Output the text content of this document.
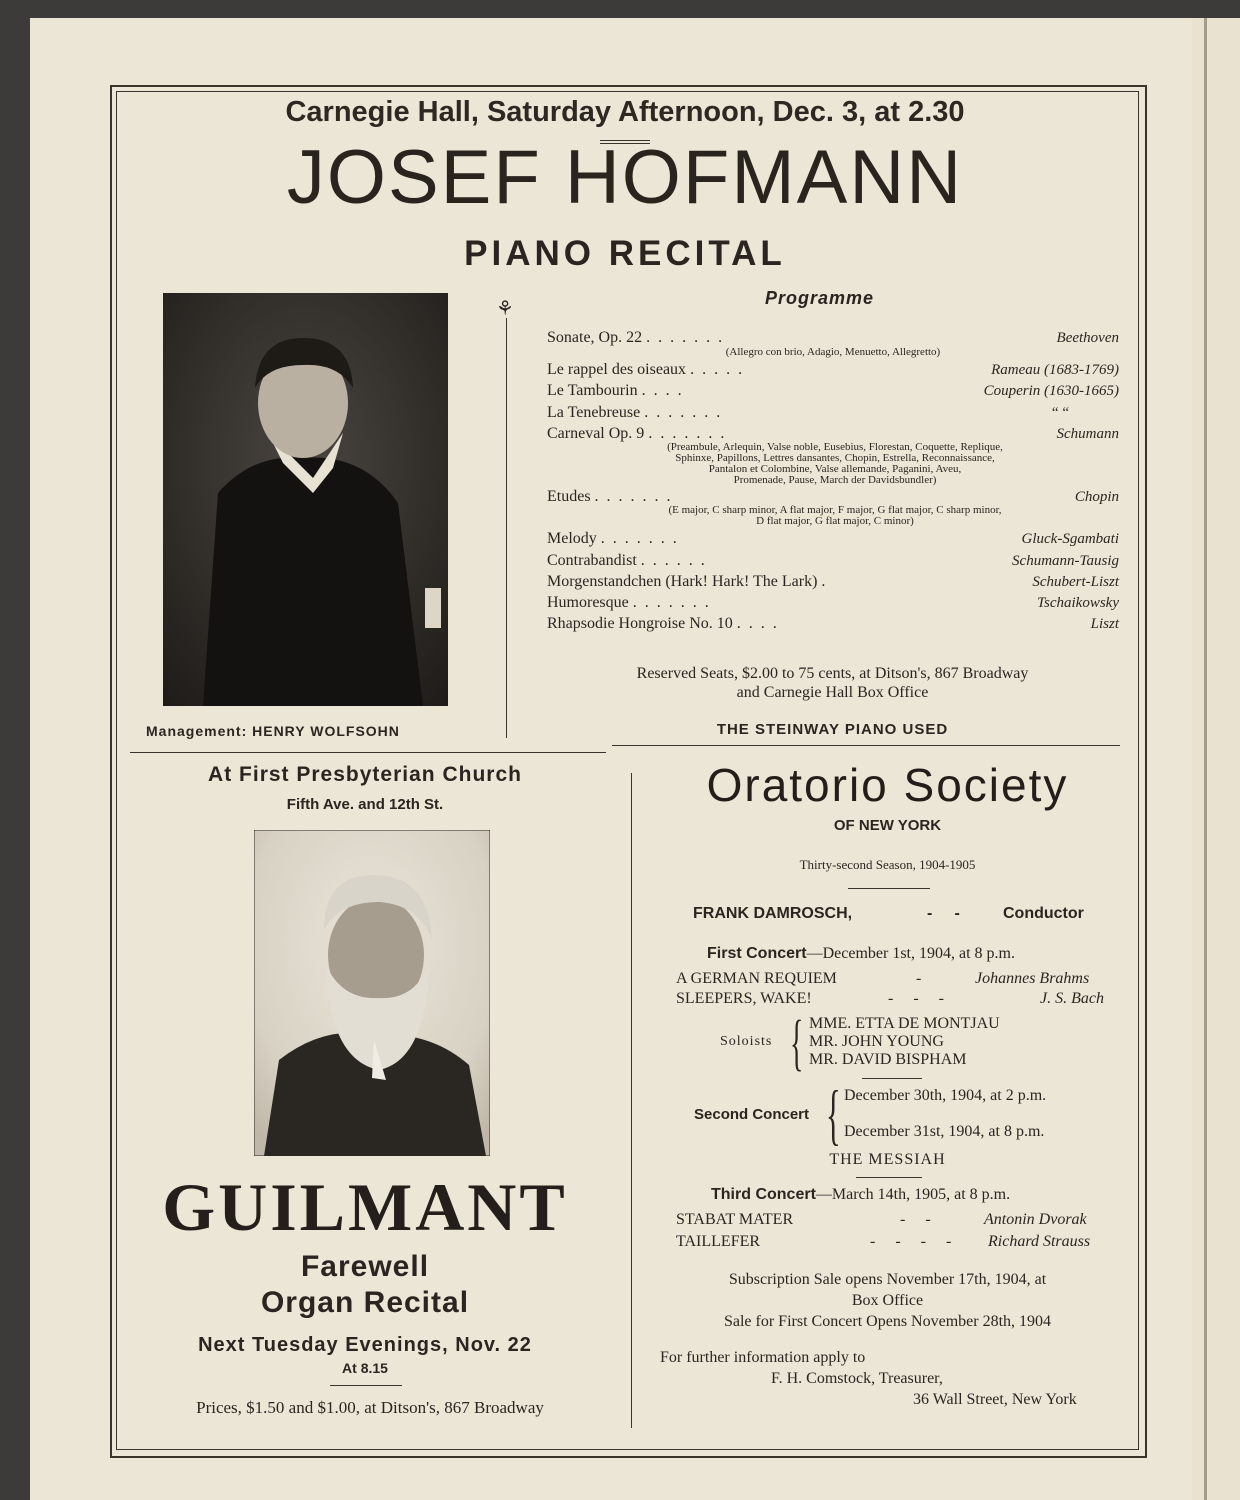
Carnegie Hall, Saturday Afternoon, Dec. 3, at 2.30
JOSEF HOFMANN
PIANO RECITAL
Management: HENRY WOLFSOHN
⚘	Programme
Sonate, Op. 22 . . . . . . .	Beethoven
(Allegro con brio, Adagio, Menuetto, Allegretto)
Le rappel des oiseaux . . . . .	Rameau (1683-1769)
Le Tambourin . . . .	Couperin (1630-1665)
La Tenebreuse . . . . . . .	“ “
Carneval Op. 9 . . . . . . .	Schumann
(Preambule, Arlequin, Valse noble, Eusebius, Florestan, Coquette, Replique,
Sphinxe, Papillons, Lettres dansantes, Chopin, Estrella, Reconnaissance,
Pantalon et Colombine, Valse allemande, Paganini, Aveu,
Promenade, Pause, March der Davidsbundler)
Etudes . . . . . . .	Chopin
(E major, C sharp minor, A flat major, F major, G flat major, C sharp minor,
D flat major, G flat major, C minor)
Melody . . . . . . .	Gluck-Sgambati
Contrabandist . . . . . .	Schumann-Tausig
Morgenstandchen (Hark! Hark! The Lark) .	Schubert-Liszt
Humoresque . . . . . . .	Tschaikowsky
Rhapsodie Hongroise No. 10 . . . .	Liszt
Reserved Seats, $2.00 to 75 cents, at Ditson's, 867 Broadway
and Carnegie Hall Box Office
THE STEINWAY PIANO USED
At First Presbyterian Church
Fifth Ave. and 12th St.
GUILMANT
Farewell
Organ Recital
Next Tuesday Evenings, Nov. 22
At 8.15
Prices, $1.50 and $1.00, at Ditson's, 867 Broadway
Oratorio Society
OF NEW YORK
Thirty-second Season, 1904-1905
FRANK DAMROSCH,	-     -	Conductor
First Concert—December 1st, 1904, at 8 p.m.
A GERMAN REQUIEM	-	Johannes Brahms
SLEEPERS, WAKE!	-     -     -	J. S. Bach
Soloists { MME. ETTA DE MONTJAU
MR. JOHN YOUNG
MR. DAVID BISPHAM
Second Concert { December 30th, 1904, at 2 p.m.
December 31st, 1904, at 8 p.m.
THE MESSIAH
Third Concert—March 14th, 1905, at 8 p.m.
STABAT MATER	-     -	Antonin Dvorak
TAILLEFER	-     -     -     - Richard Strauss
Subscription Sale opens November 17th, 1904, at
Box Office
Sale for First Concert Opens November 28th, 1904
For further information apply to
F. H. Comstock, Treasurer,
36 Wall Street, New York
